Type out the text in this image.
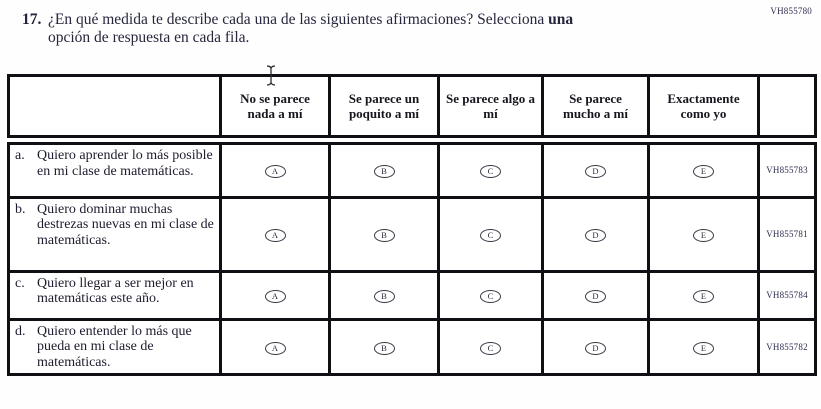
VH855780
17. ¿En qué medida te describe cada una de las siguientes afirmaciones? Selecciona una
opción de respuesta en cada fila.
	No se parece nada a mí	Se parece un poquito a mí	Se parece algo a mí	Se parece mucho a mí	Exactamente como yo	

a. Quiero aprender lo más posible en mi clase de matemáticas.	A	B	C	D	E	VH855783

b. Quiero dominar muchas destrezas nuevas en mi clase de matemáticas.	A	B	C	D	E	VH855781

c. Quiero llegar a ser mejor en matemáticas este año.	A	B	C	D	E	VH855784

d. Quiero entender lo más que pueda en mi clase de matemáticas.	A	B	C	D	E	VH855782
